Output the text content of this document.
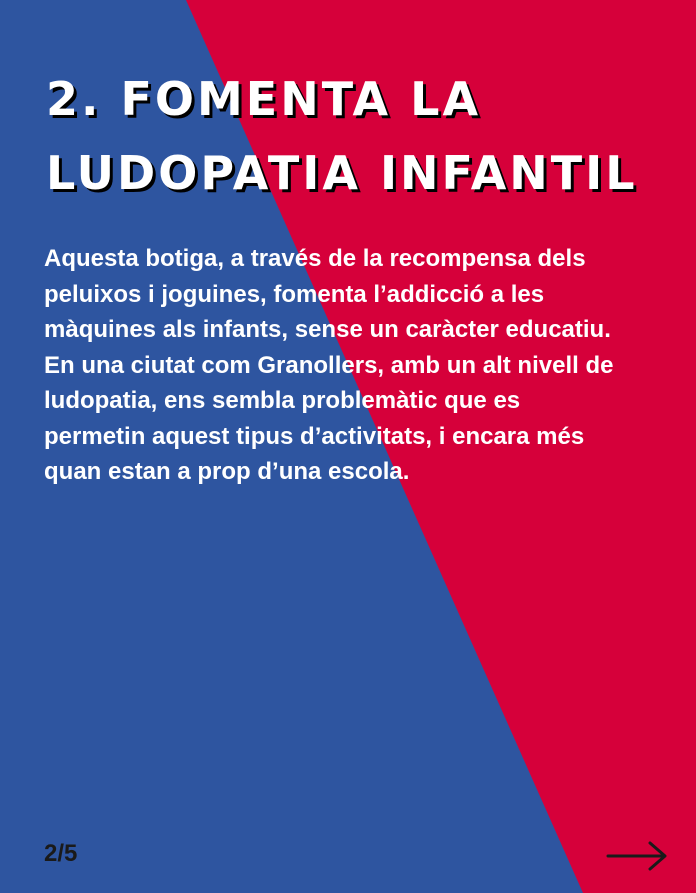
2. FOMENTA LA
LUDOPATIA INFANTIL

Aquesta botiga, a través de la recompensa dels
peluixos i joguines, fomenta l’addicció a les
màquines als infants, sense un caràcter educatiu.
En una ciutat com Granollers, amb un alt nivell de
ludopatia, ens sembla problemàtic que es
permetin aquest tipus d’activitats, i encara més
quan estan a prop d’una escola.

2/5
